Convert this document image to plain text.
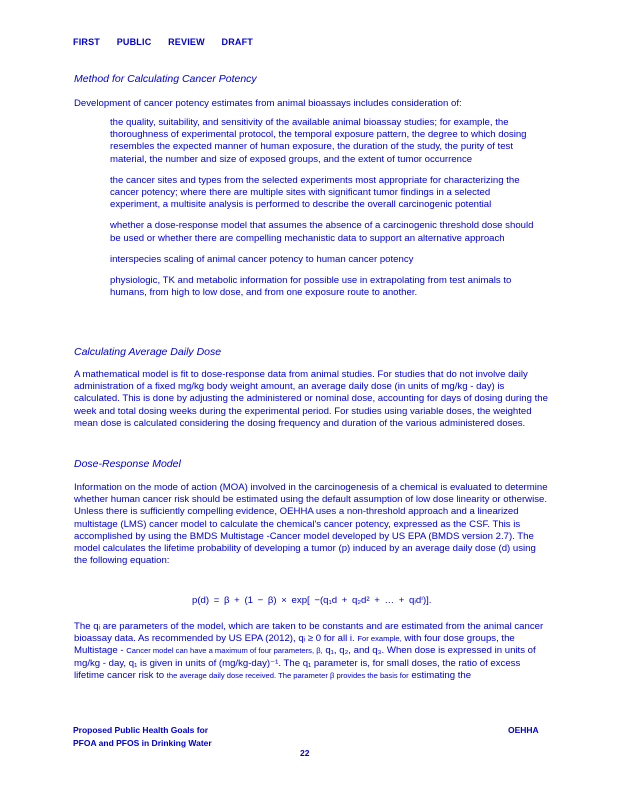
FIRST PUBLIC REVIEW DRAFT
Method for Calculating Cancer Potency
Development of cancer potency estimates from animal bioassays includes consideration of:
the quality, suitability, and sensitivity of the available animal bioassay studies; for example, the thoroughness of experimental protocol, the temporal exposure pattern, the degree to which dosing resembles the expected manner of human exposure, the duration of the study, the purity of test material, the number and size of exposed groups, and the extent of tumor occurrence
the cancer sites and types from the selected experiments most appropriate for characterizing the cancer potency; where there are multiple sites with significant tumor findings in a selected experiment, a multisite analysis is performed to describe the overall carcinogenic potential
whether a dose-response model that assumes the absence of a carcinogenic threshold dose should be used or whether there are compelling mechanistic data to support an alternative approach
interspecies scaling of animal cancer potency to human cancer potency
physiologic, TK and metabolic information for possible use in extrapolating from test animals to humans, from high to low dose, and from one exposure route to another.
Calculating Average Daily Dose
A mathematical model is fit to dose-response data from animal studies. For studies that do not involve daily administration of a fixed mg/kg body weight amount, an average daily dose (in units of mg/kg - day) is calculated. This is done by adjusting the administered or nominal dose, accounting for days of dosing during the week and total dosing weeks during the experimental period. For studies using variable doses, the weighted mean dose is calculated considering the dosing frequency and duration of the various administered doses.
Dose-Response Model
Information on the mode of action (MOA) involved in the carcinogenesis of a chemical is evaluated to determine whether human cancer risk should be estimated using the default assumption of low dose linearity or otherwise. Unless there is sufficiently compelling evidence, OEHHA uses a non-threshold approach and a linearized multistage (LMS) cancer model to calculate the chemical's cancer potency, expressed as the CSF. This is accomplished by using the BMDS Multistage -Cancer model developed by US EPA (BMDS version 2.7). The model calculates the lifetime probability of developing a tumor (p) induced by an average daily dose (d) using the following equation:
p(d) = β + (1 − β) × exp[ −(q₁d + q₂d² + … + qᵢdⁱ)].
The qᵢ are parameters of the model, which are taken to be constants and are estimated from the animal cancer bioassay data. As recommended by US EPA (2012), qᵢ ≥ 0 for all i. For example, with four dose groups, the Multistage - Cancer model can have a maximum of four parameters, β, q₁, q₂, and q₃. When dose is expressed in units of mg/kg - day, q₁ is given in units of (mg/kg-day)⁻¹. The q₁ parameter is, for small doses, the ratio of excess lifetime cancer risk to the average daily dose received. The parameter β provides the basis for estimating the
Proposed Public Health Goals for
PFOA and PFOS in Drinking Water
OEHHA
22
